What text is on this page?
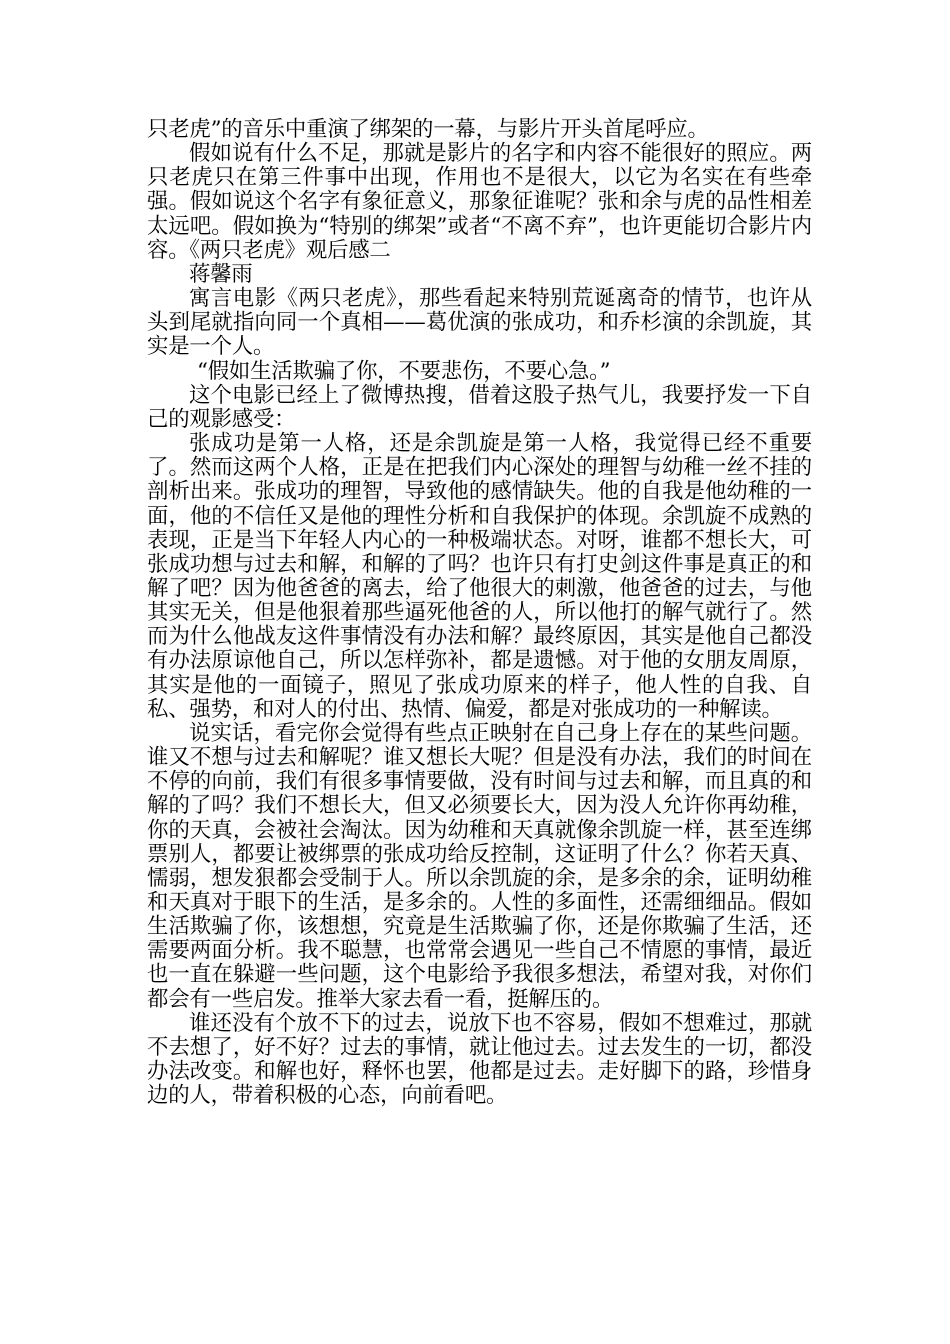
只老虎”的音乐中重演了绑架的一幕，与影片开头首尾呼应。

假如说有什么不足，那就是影片的名字和内容不能很好的照应。两只老虎只在第三件事中出现，作用也不是很大，以它为名实在有些牵强。假如说这个名字有象征意义，那象征谁呢？张和余与虎的品性相差太远吧。假如换为“特别的绑架”或者“不离不弃”，也许更能切合影片内容。《两只老虎》观后感二

蒋馨雨

寓言电影《两只老虎》，那些看起来特别荒诞离奇的情节，也许从头到尾就指向同一个真相——葛优演的张成功，和乔杉演的余凯旋，其实是一个人。

“假如生活欺骗了你，不要悲伤，不要心急。”

这个电影已经上了微博热搜，借着这股子热气儿，我要抒发一下自己的观影感受：

张成功是第一人格，还是余凯旋是第一人格，我觉得已经不重要了。然而这两个人格，正是在把我们内心深处的理智与幼稚一丝不挂的剖析出来。张成功的理智，导致他的感情缺失。他的自我是他幼稚的一面，他的不信任又是他的理性分析和自我保护的体现。余凯旋不成熟的表现，正是当下年轻人内心的一种极端状态。对呀，谁都不想长大，可张成功想与过去和解，和解的了吗？也许只有打史剑这件事是真正的和解了吧？因为他爸爸的离去，给了他很大的刺激，他爸爸的过去，与他其实无关，但是他狠着那些逼死他爸的人，所以他打的解气就行了。然而为什么他战友这件事情没有办法和解？最终原因，其实是他自己都没有办法原谅他自己，所以怎样弥补，都是遗憾。对于他的女朋友周原，其实是他的一面镜子，照见了张成功原来的样子，他人性的自我、自私、强势，和对人的付出、热情、偏爱，都是对张成功的一种解读。

说实话，看完你会觉得有些点正映射在自己身上存在的某些问题。谁又不想与过去和解呢？谁又想长大呢？但是没有办法，我们的时间在不停的向前，我们有很多事情要做，没有时间与过去和解，而且真的和解的了吗？我们不想长大，但又必须要长大，因为没人允许你再幼稚，你的天真，会被社会淘汰。因为幼稚和天真就像余凯旋一样，甚至连绑票别人，都要让被绑票的张成功给反控制，这证明了什么？你若天真、懦弱，想发狠都会受制于人。所以余凯旋的余，是多余的余，证明幼稚和天真对于眼下的生活，是多余的。人性的多面性，还需细细品。假如生活欺骗了你，该想想，究竟是生活欺骗了你，还是你欺骗了生活，还需要两面分析。我不聪慧，也常常会遇见一些自己不情愿的事情，最近也一直在躲避一些问题，这个电影给予我很多想法，希望对我，对你们都会有一些启发。推举大家去看一看，挺解压的。

谁还没有个放不下的过去，说放下也不容易，假如不想难过，那就不去想了，好不好？过去的事情，就让他过去。过去发生的一切，都没办法改变。和解也好，释怀也罢，他都是过去。走好脚下的路，珍惜身边的人，带着积极的心态，向前看吧。
